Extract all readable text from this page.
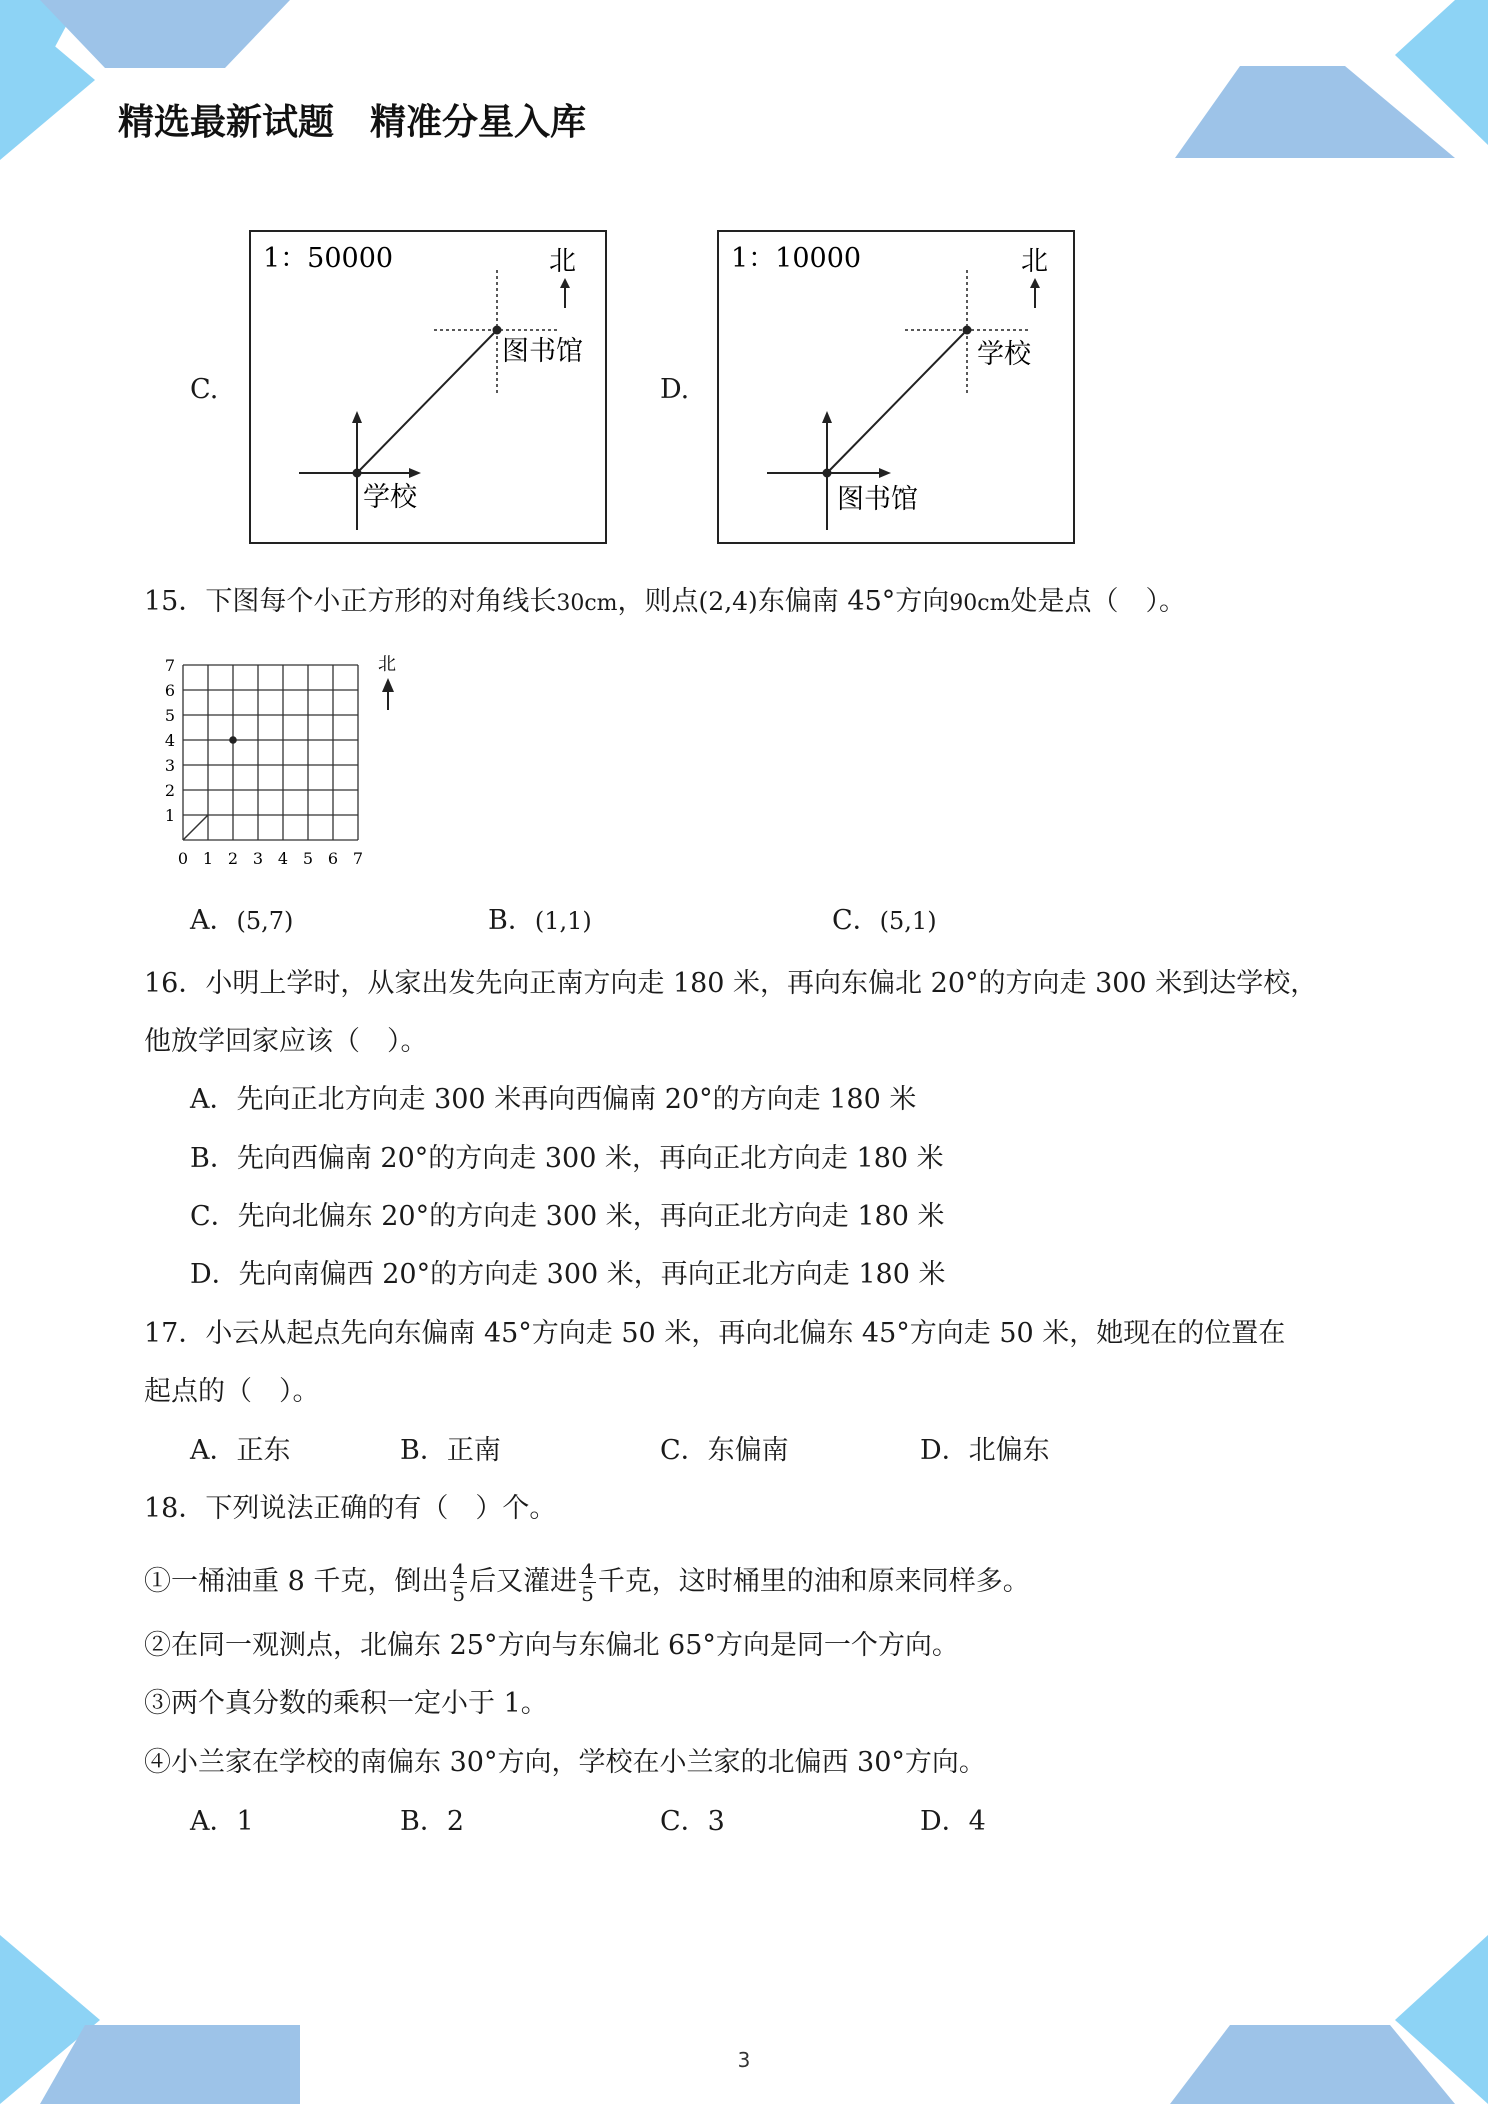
精选最新试题　精准分星入库
C.
1：50000	北
图书馆
学校
D.
1：10000	北
学校
图书馆
15．下图每个小正方形的对角线长30cm，则点(2,4)东偏南 45°方向90cm处是点（　）。
0 1 2 3 4 5 6 7
1
2
3
4
5
6
7	北
A．(5,7)	B．(1,1)	C．(5,1)
16．小明上学时，从家出发先向正南方向走 180 米，再向东偏北 20°的方向走 300 米到达学校，
他放学回家应该（　）。
A．先向正北方向走 300 米再向西偏南 20°的方向走 180 米
B．先向西偏南 20°的方向走 300 米，再向正北方向走 180 米
C．先向北偏东 20°的方向走 300 米，再向正北方向走 180 米
D．先向南偏西 20°的方向走 300 米，再向正北方向走 180 米
17．小云从起点先向东偏南 45°方向走 50 米，再向北偏东 45°方向走 50 米，她现在的位置在
起点的（　）。
A．正东	B．正南	C．东偏南	D．北偏东
18．下列说法正确的有（　）个。
①一桶油重 8 千克，倒出 $\frac{4}{5}$ 后又灌进 $\frac{4}{5}$ 千克，这时桶里的油和原来同样多。
②在同一观测点，北偏东 25°方向与东偏北 65°方向是同一个方向。
③两个真分数的乘积一定小于 1。
④小兰家在学校的南偏东 30°方向，学校在小兰家的北偏西 30°方向。
A．1	B．2	C．3	D．4
3
